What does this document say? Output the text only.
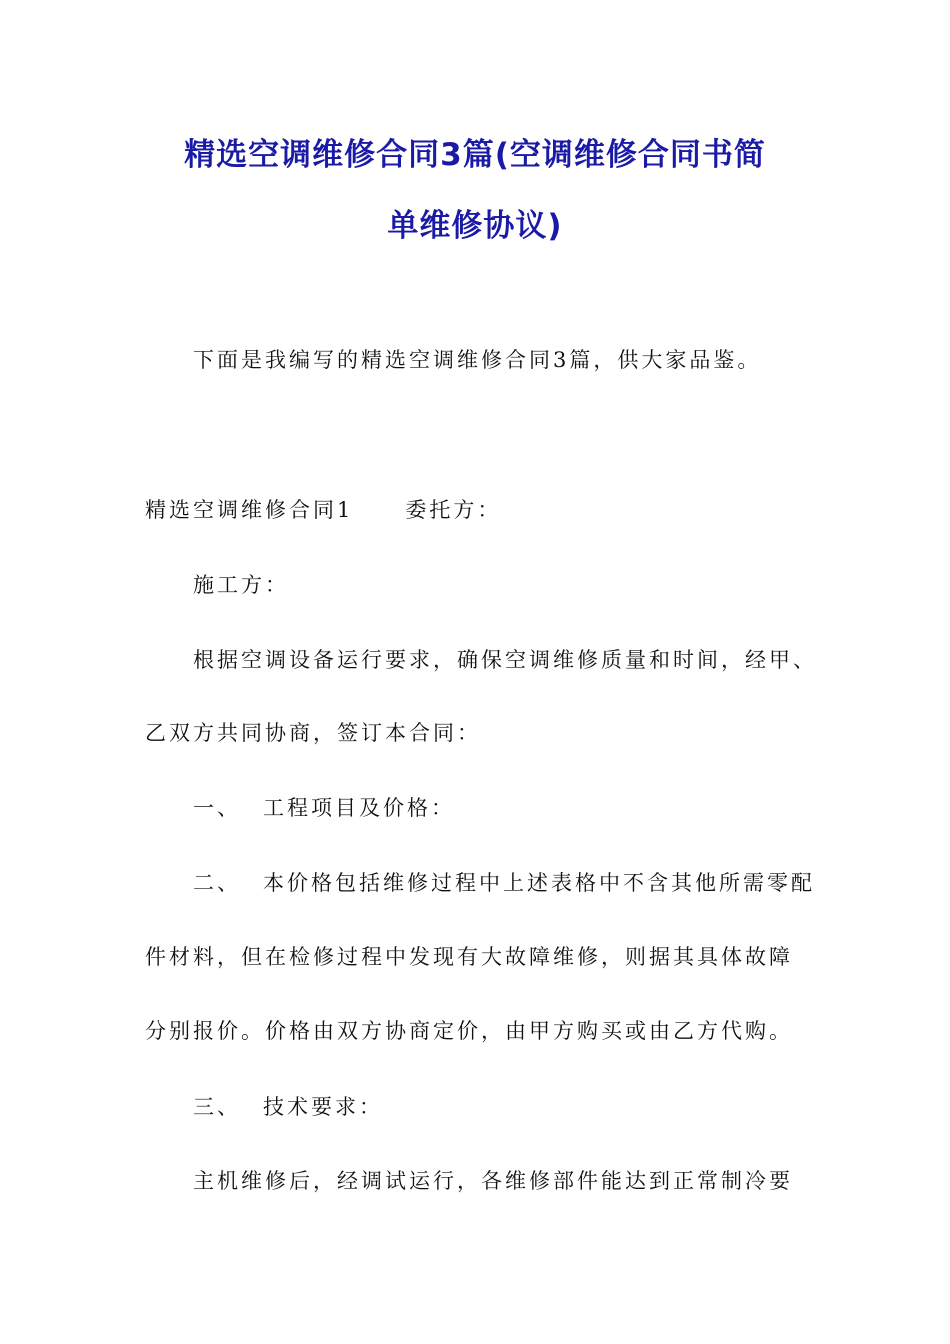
精选空调维修合同3篇(空调维修合同书简
单维修协议)

下面是我编写的精选空调维修合同3篇，供大家品鉴。

精选空调维修合同1 委托方：

施工方：

根据空调设备运行要求，确保空调维修质量和时间，经甲、

乙双方共同协商，签订本合同：

一、 工程项目及价格：

二、 本价格包括维修过程中上述表格中不含其他所需零配

件材料，但在检修过程中发现有大故障维修，则据其具体故障

分别报价。价格由双方协商定价，由甲方购买或由乙方代购。

三、 技术要求：

主机维修后，经调试运行，各维修部件能达到正常制冷要
